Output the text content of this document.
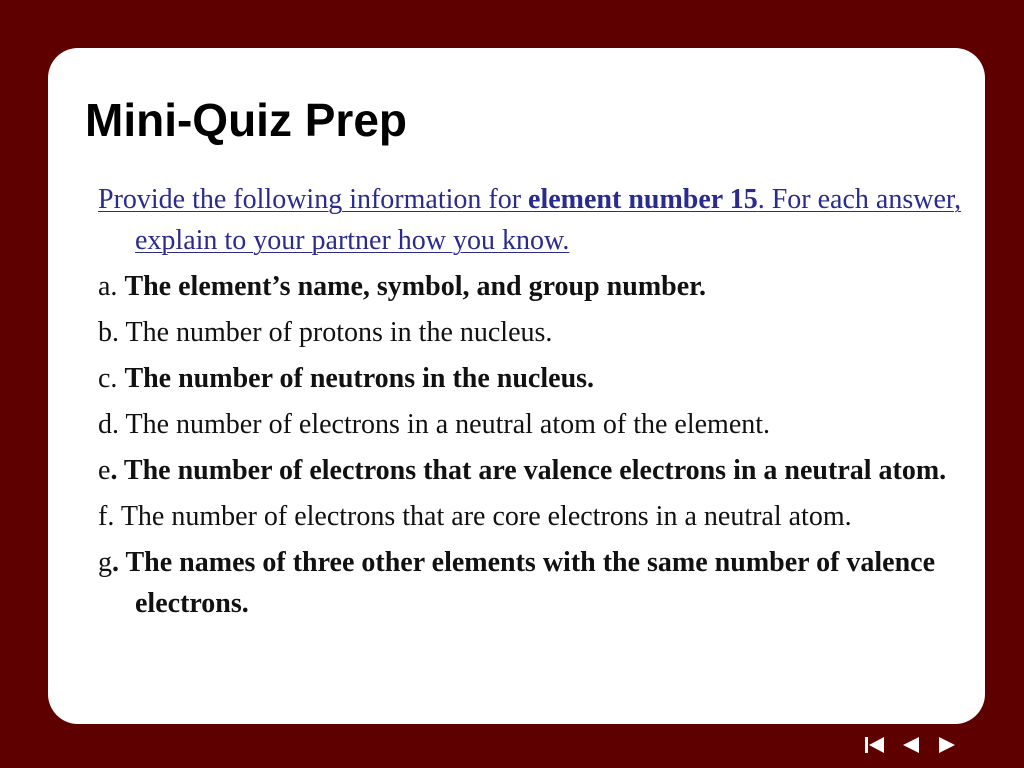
Mini-Quiz Prep

Provide the following information for element number 15. For each answer, explain to your partner how you know.

a. The element’s name, symbol, and group number.

b. The number of protons in the nucleus.

c. The number of neutrons in the nucleus.

d. The number of electrons in a neutral atom of the element.

e. The number of electrons that are valence electrons in a neutral atom.

f. The number of electrons that are core electrons in a neutral atom.

g. The names of three other elements with the same number of valence electrons.
